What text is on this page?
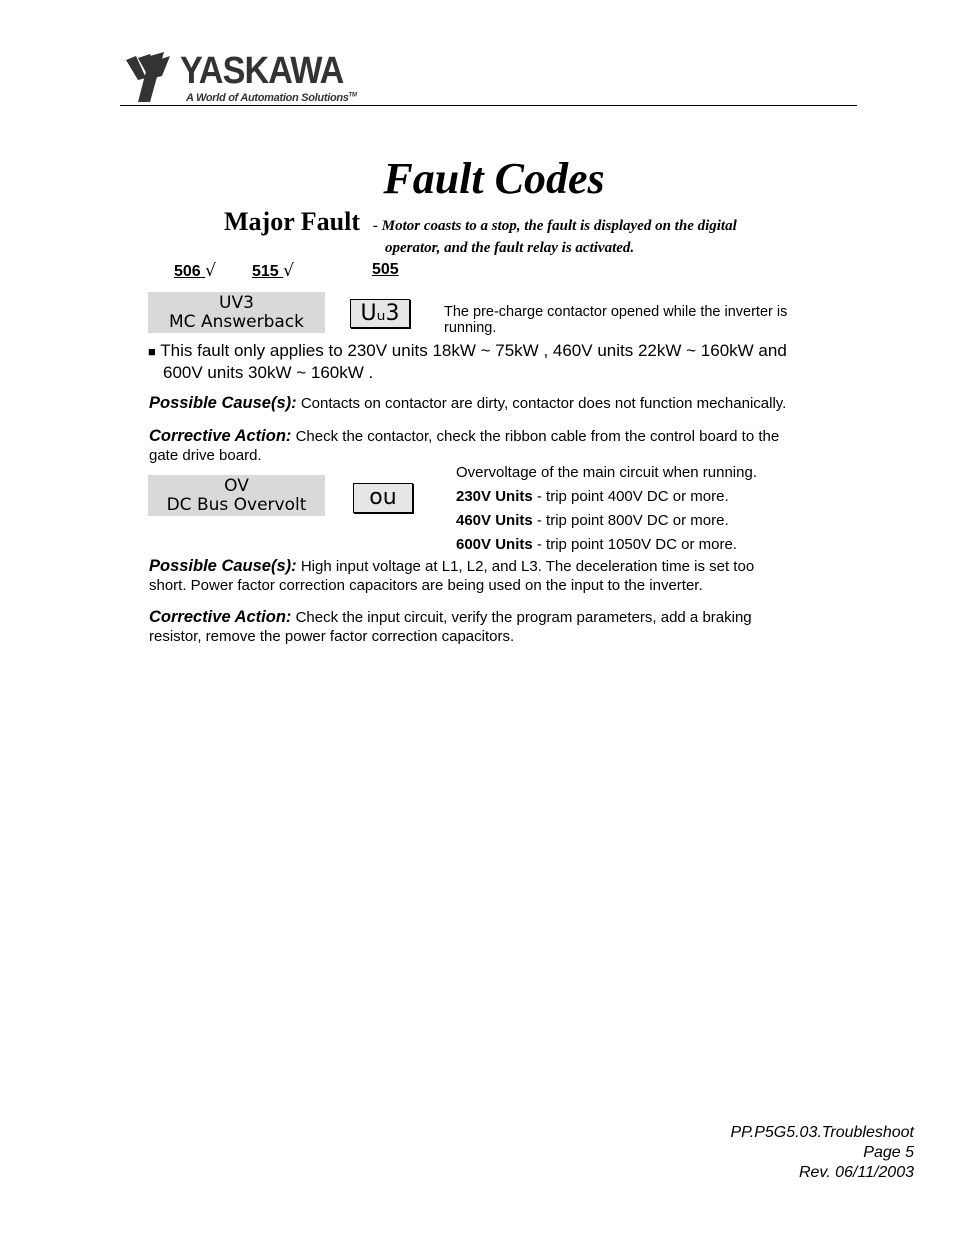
YASKAWA
A World of Automation Solutions™
Fault Codes
Major Fault - Motor coasts to a stop, the fault is displayed on the digital
operator, and the fault relay is activated.
506 √ 515 √	505
UV3
MC Answerback	Uᵤ3	The pre-charge contactor opened while the inverter is
running.
■ This fault only applies to 230V units 18kW ~ 75kW , 460V units 22kW ~ 160kW and
600V units 30kW ~ 160kW .
Possible Cause(s): Contacts on contactor are dirty, contactor does not function mechanically.
Corrective Action: Check the contactor, check the ribbon cable from the control board to the
gate drive board.
OV
DC Bus Overvolt	ou
Overvoltage of the main circuit when running.
230V Units - trip point 400V DC or more.
460V Units - trip point 800V DC or more.
600V Units - trip point 1050V DC or more.
Possible Cause(s): High input voltage at L1, L2, and L3. The deceleration time is set too
short. Power factor correction capacitors are being used on the input to the inverter.
Corrective Action: Check the input circuit, verify the program parameters, add a braking
resistor, remove the power factor correction capacitors.
PP.P5G5.03.Troubleshoot
Page 5
Rev. 06/11/2003
